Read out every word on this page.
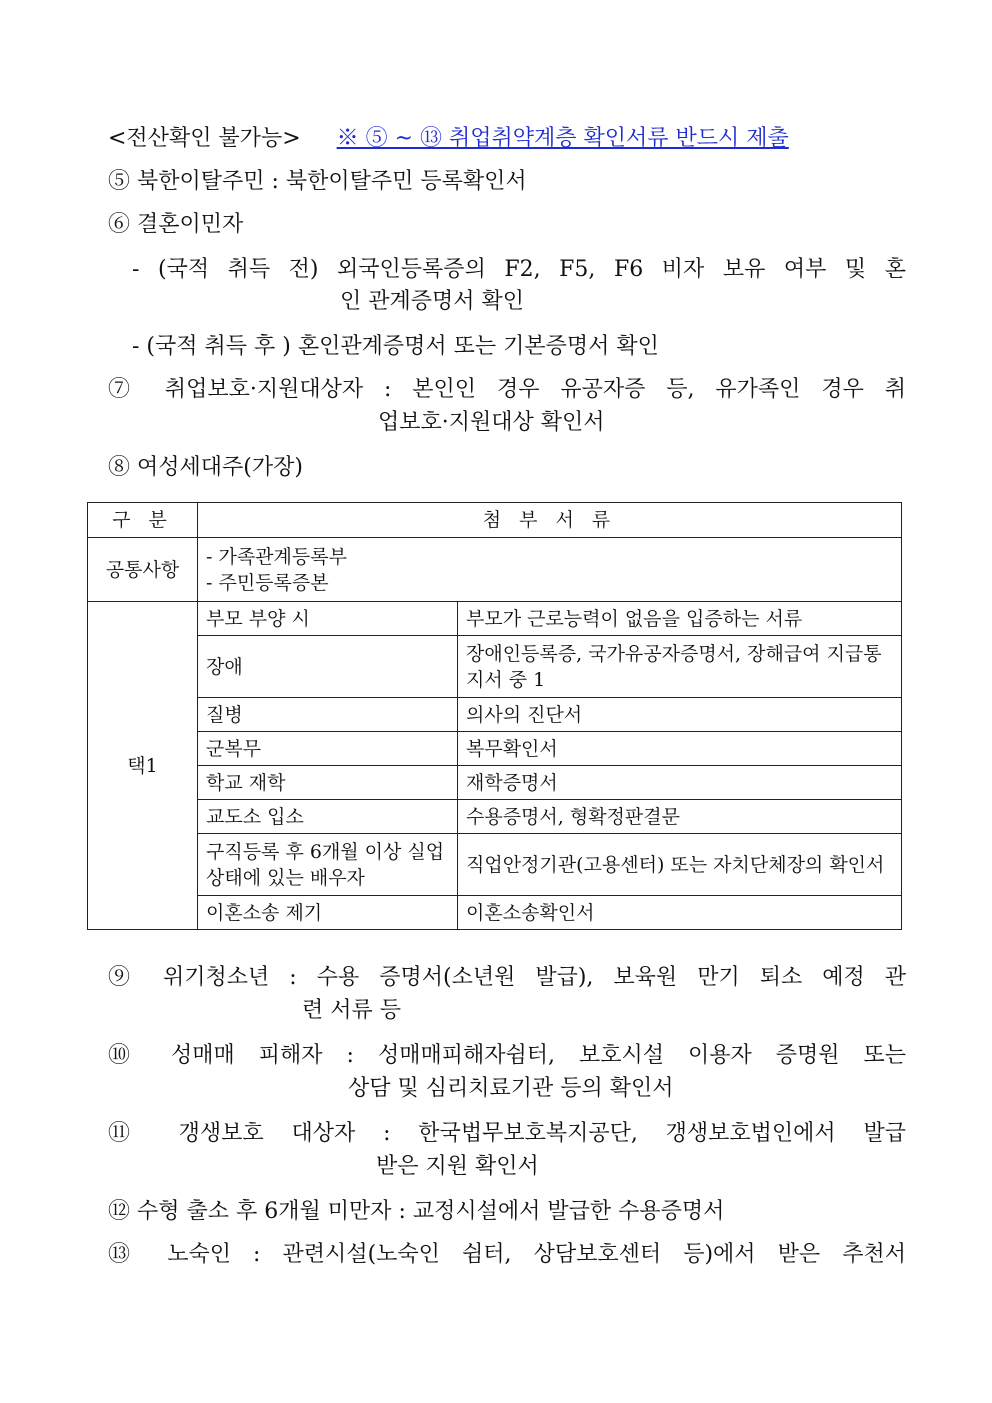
<전산확인 불가능> ※ ⑤ ~ ⑬ 취업취약계층 확인서류 반드시 제출
⑤ 북한이탈주민 : 북한이탈주민 등록확인서
⑥ 결혼이민자
- (국적 취득 전) 외국인등록증의 F2, F5, F6 비자 보유 여부 및 혼
인 관계증명서 확인
- (국적 취득 후 ) 혼인관계증명서 또는 기본증명서 확인
⑦ 취업보호·지원대상자 : 본인인 경우 유공자증 등, 유가족인 경우 취
업보호·지원대상 확인서
⑧ 여성세대주(가장)
구 분	첨 부 서 류	
공통사항	- 가족관계등록부
- 주민등록증본	

택1	부모 부양 시	부모가 근로능력이 없음을 입증하는 서류
	장애	장애인등록증, 국가유공자증명서, 장해급여 지급통지서 중 1
	질병	의사의 진단서
	군복무	복무확인서
	학교 재학	재학증명서
	교도소 입소	수용증명서, 형확정판결문
	구직등록 후 6개월 이상 실업상태에 있는 배우자	직업안정기관(고용센터) 또는 자치단체장의 확인서
	이혼소송 제기	이혼소송확인서
⑨ 위기청소년 : 수용 증명서(소년원 발급), 보육원 만기 퇴소 예정 관
련 서류 등
⑩ 성매매 피해자 : 성매매피해자쉼터, 보호시설 이용자 증명원 또는
상담 및 심리치료기관 등의 확인서
⑪ 갱생보호 대상자 : 한국법무보호복지공단, 갱생보호법인에서 발급
받은 지원 확인서
⑫ 수형 출소 후 6개월 미만자 : 교정시설에서 발급한 수용증명서
⑬ 노숙인 : 관련시설(노숙인 쉼터, 상담보호센터 등)에서 받은 추천서
